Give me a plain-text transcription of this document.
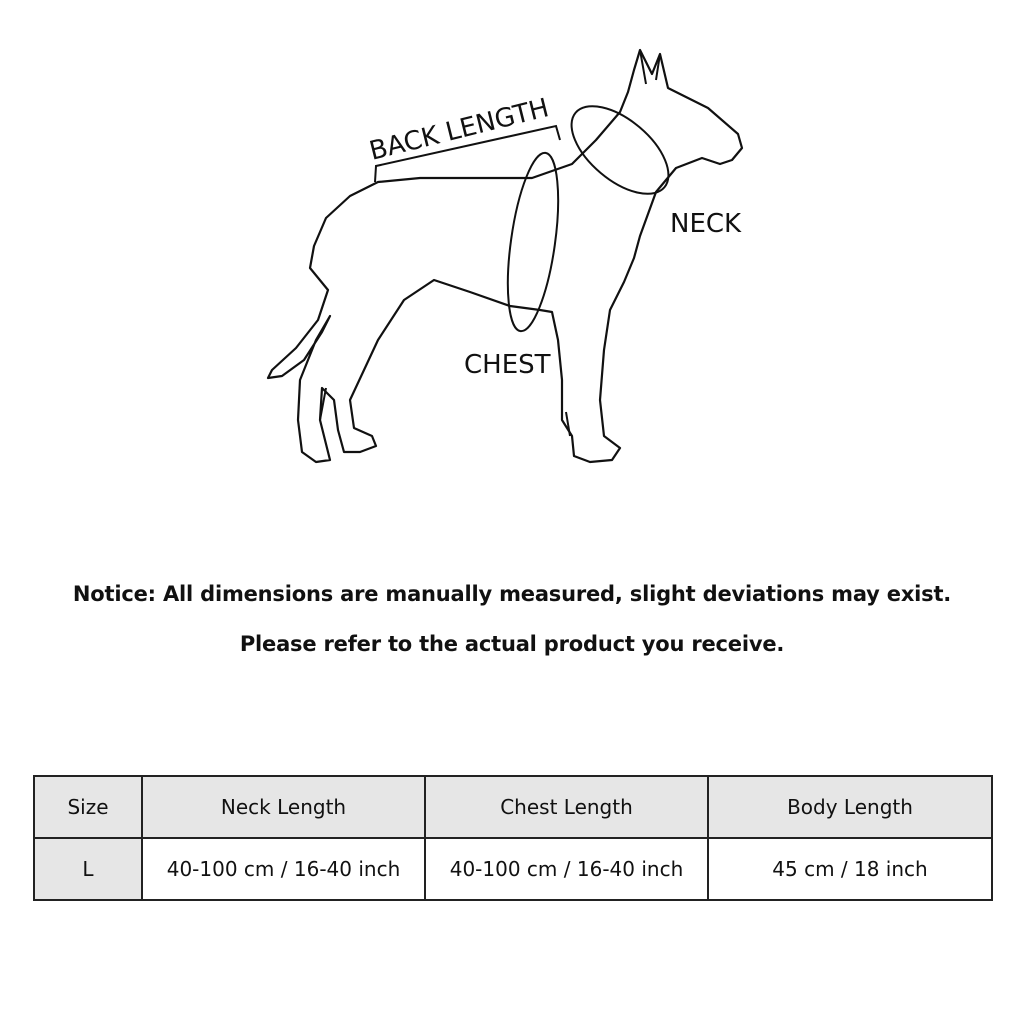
BACK LENGTH
NECK
CHEST
Notice: All dimensions are manually measured, slight deviations may exist.
Please refer to the actual product you receive.
Size	Neck Length	Chest Length	Body Length
L	40-100 cm / 16-40 inch	40-100 cm / 16-40 inch	45 cm / 18 inch
